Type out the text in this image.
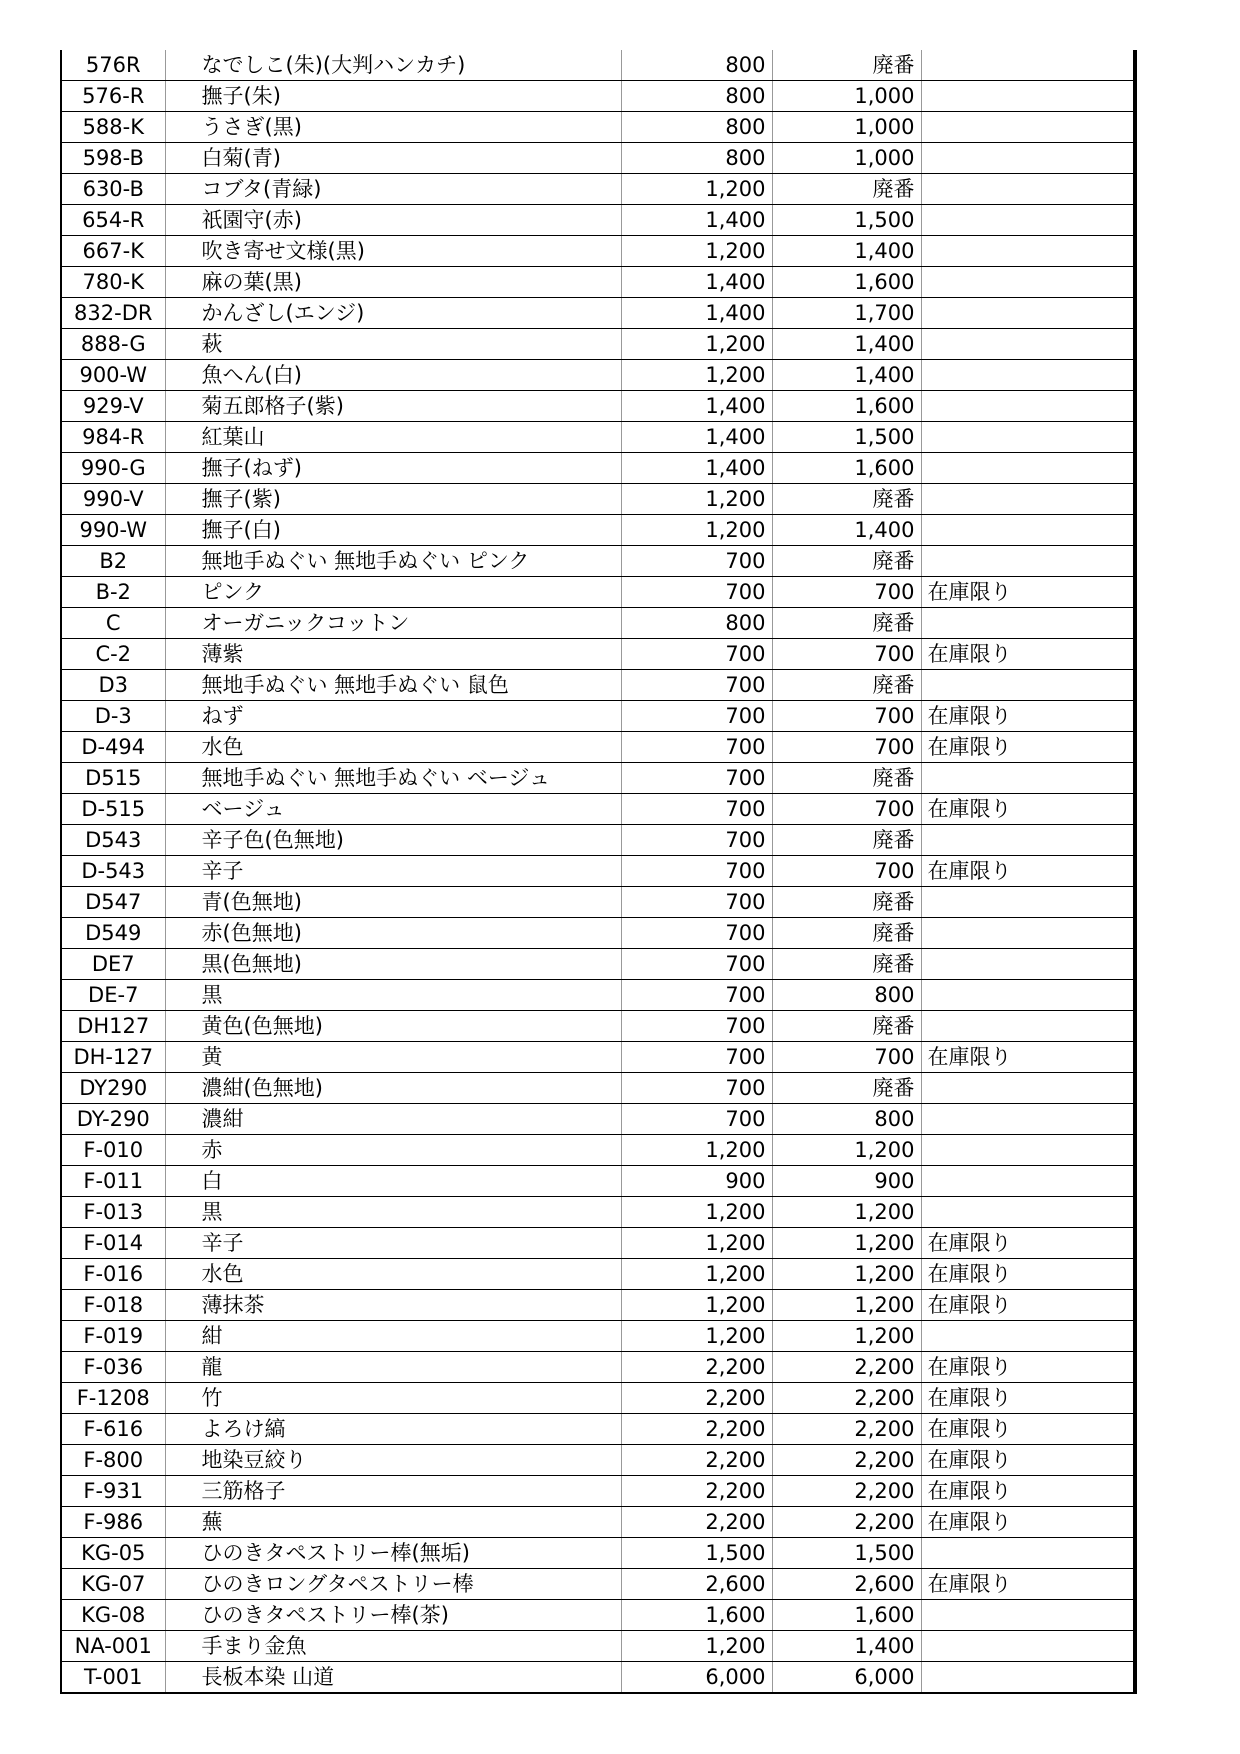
576R	なでしこ(朱)(大判ハンカチ)	800	廃番	
576-R	撫子(朱)	800	1,000	
588-K	うさぎ(黒)	800	1,000	
598-B	白菊(青)	800	1,000	
630-B	コブタ(青緑)	1,200	廃番	
654-R	祇園守(赤)	1,400	1,500	
667-K	吹き寄せ文様(黒)	1,200	1,400	
780-K	麻の葉(黒)	1,400	1,600	
832-DR	かんざし(エンジ)	1,400	1,700	
888-G	萩	1,200	1,400	
900-W	魚へん(白)	1,200	1,400	
929-V	菊五郎格子(紫)	1,400	1,600	
984-R	紅葉山	1,400	1,500	
990-G	撫子(ねず)	1,400	1,600	
990-V	撫子(紫)	1,200	廃番	
990-W	撫子(白)	1,200	1,400	
B2	無地手ぬぐい 無地手ぬぐい ピンク	700	廃番	
B-2	ピンク	700	700	在庫限り
C	オーガニックコットン	800	廃番	
C-2	薄紫	700	700	在庫限り
D3	無地手ぬぐい 無地手ぬぐい 鼠色	700	廃番	
D-3	ねず	700	700	在庫限り
D-494	水色	700	700	在庫限り
D515	無地手ぬぐい 無地手ぬぐい ベージュ	700	廃番	
D-515	ベージュ	700	700	在庫限り
D543	辛子色(色無地)	700	廃番	
D-543	辛子	700	700	在庫限り
D547	青(色無地)	700	廃番	
D549	赤(色無地)	700	廃番	
DE7	黒(色無地)	700	廃番	
DE-7	黒	700	800	
DH127	黄色(色無地)	700	廃番	
DH-127	黄	700	700	在庫限り
DY290	濃紺(色無地)	700	廃番	
DY-290	濃紺	700	800	
F-010	赤	1,200	1,200	
F-011	白	900	900	
F-013	黒	1,200	1,200	
F-014	辛子	1,200	1,200	在庫限り
F-016	水色	1,200	1,200	在庫限り
F-018	薄抹茶	1,200	1,200	在庫限り
F-019	紺	1,200	1,200	
F-036	龍	2,200	2,200	在庫限り
F-1208	竹	2,200	2,200	在庫限り
F-616	よろけ縞	2,200	2,200	在庫限り
F-800	地染豆絞り	2,200	2,200	在庫限り
F-931	三筋格子	2,200	2,200	在庫限り
F-986	蕪	2,200	2,200	在庫限り
KG-05	ひのきタペストリー棒(無垢)	1,500	1,500	
KG-07	ひのきロングタペストリー棒	2,600	2,600	在庫限り
KG-08	ひのきタペストリー棒(茶)	1,600	1,600	
NA-001	手まり金魚	1,200	1,400	
T-001	長板本染 山道	6,000	6,000	
